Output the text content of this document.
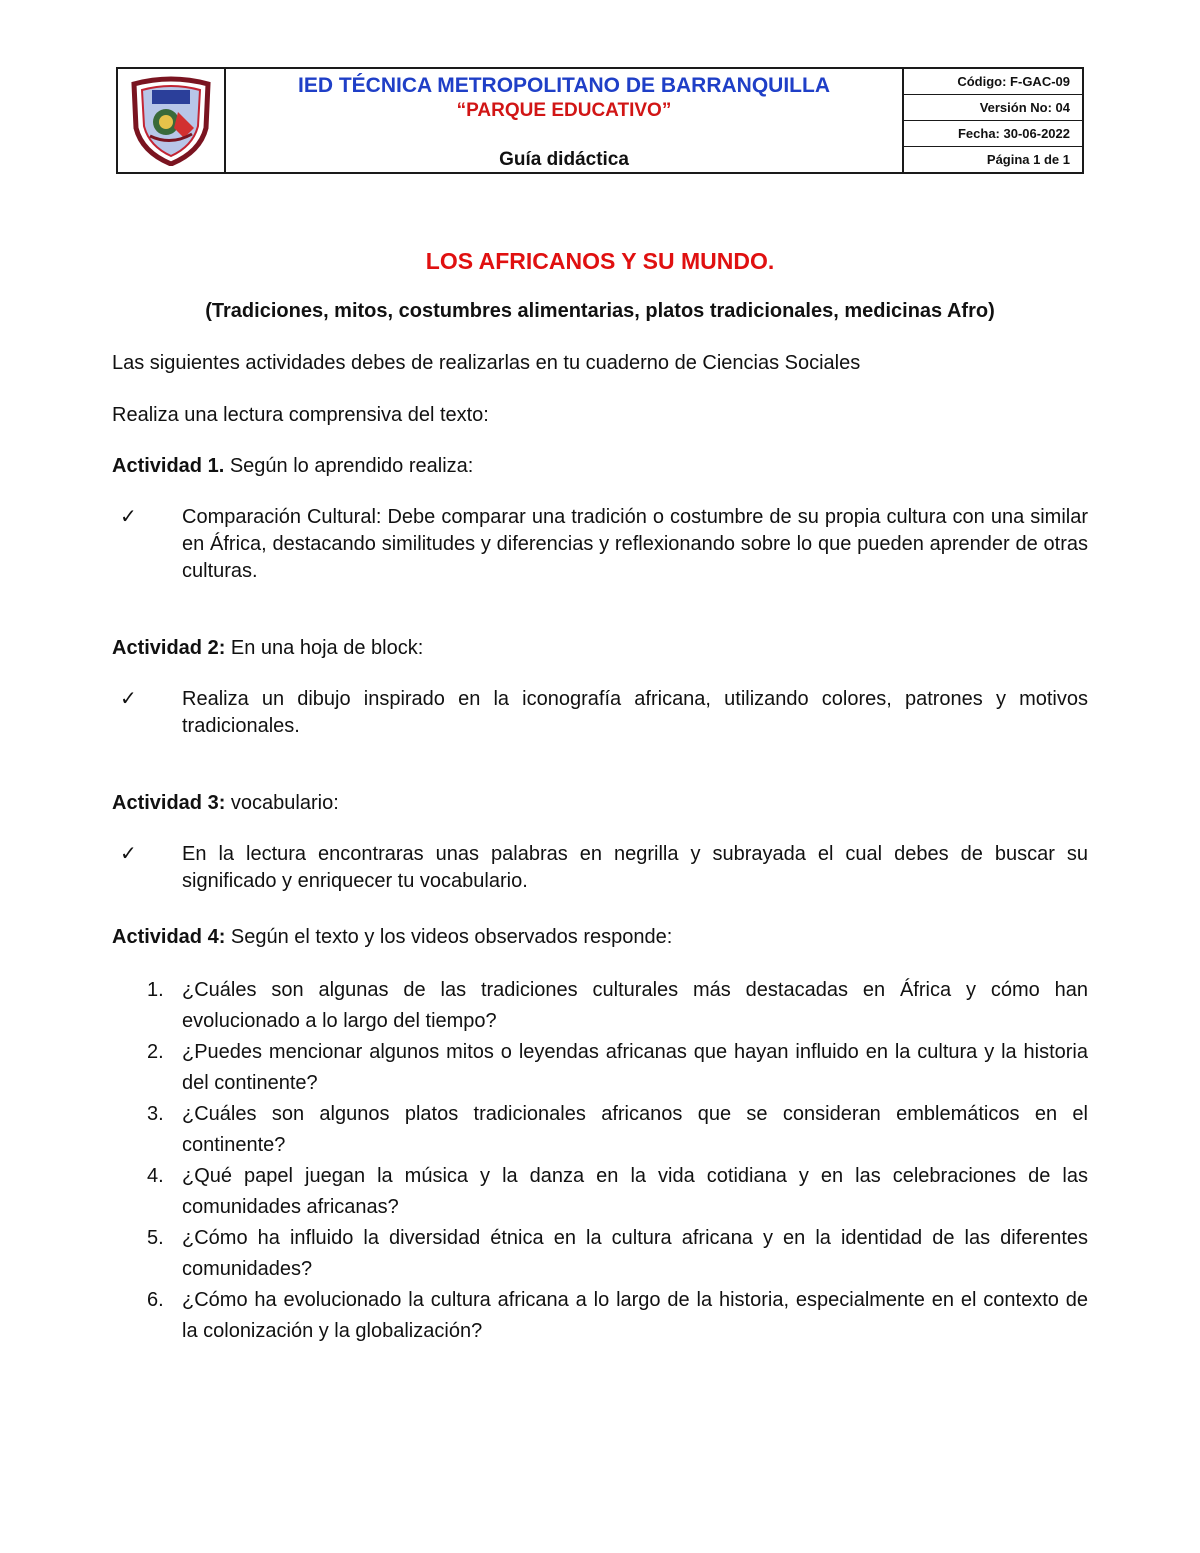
IED TÉCNICA METROPOLITANO DE BARRANQUILLA
“PARQUE EDUCATIVO”
Guía didáctica
Código: F-GAC-09
Versión No: 04
Fecha: 30-06-2022
Página 1 de 1
LOS AFRICANOS Y SU MUNDO.
(Tradiciones, mitos, costumbres alimentarias, platos tradicionales, medicinas Afro)
Las siguientes actividades debes de realizarlas en tu cuaderno de Ciencias Sociales
Realiza una lectura comprensiva del texto:
Actividad 1. Según lo aprendido realiza:
✓ Comparación Cultural: Debe comparar una tradición o costumbre de su propia cultura con una similar en África, destacando similitudes y diferencias y reflexionando sobre lo que pueden aprender de otras culturas.
Actividad 2: En una hoja de block:
✓ Realiza un dibujo inspirado en la iconografía africana, utilizando colores, patrones y motivos tradicionales.
Actividad 3: vocabulario:
✓ En la lectura encontraras unas palabras en negrilla y subrayada el cual debes de buscar su significado y enriquecer tu vocabulario.
Actividad 4: Según el texto y los videos observados responde:
1. ¿Cuáles son algunas de las tradiciones culturales más destacadas en África y cómo han evolucionado a lo largo del tiempo?
2. ¿Puedes mencionar algunos mitos o leyendas africanas que hayan influido en la cultura y la historia del continente?
3. ¿Cuáles son algunos platos tradicionales africanos que se consideran emblemáticos en el continente?
4. ¿Qué papel juegan la música y la danza en la vida cotidiana y en las celebraciones de las comunidades africanas?
5. ¿Cómo ha influido la diversidad étnica en la cultura africana y en la identidad de las diferentes comunidades?
6. ¿Cómo ha evolucionado la cultura africana a lo largo de la historia, especialmente en el contexto de la colonización y la globalización?
